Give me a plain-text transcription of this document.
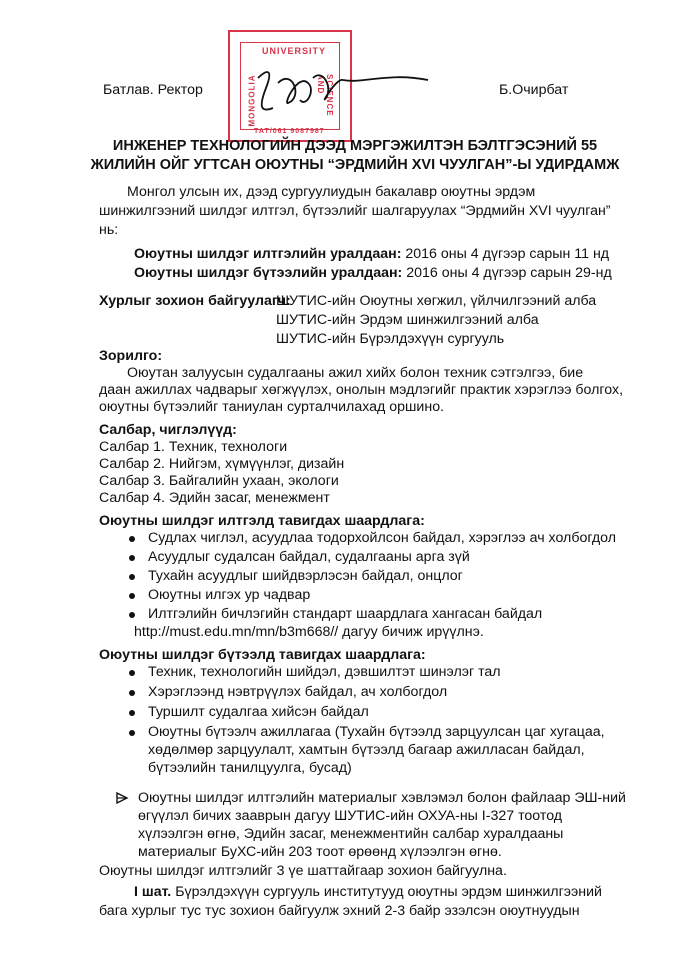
UNIVERSITY
MONGOLIA	SCIENCE AND
ТАТ/061 9087987
Батлав. Ректор	Б.Очирбат
ИНЖЕНЕР ТЕХНОЛОГИЙН ДЭЭД МЭРГЭЖИЛТЭН БЭЛТГЭСЭНИЙ 55
ЖИЛИЙН ОЙГ УГТСАН ОЮУТНЫ “ЭРДМИЙН XVI ЧУУЛГАН”-Ы УДИРДАМЖ
Монгол улсын их, дээд сургуулиудын бакалавр оюутны эрдэм
шинжилгээний шилдэг илтгэл, бүтээлийг шалгаруулах “Эрдмийн XVI чуулган”
нь:
Оюутны шилдэг илтгэлийн уралдаан: 2016 оны 4 дүгээр сарын 11 нд
Оюутны шилдэг бүтээлийн уралдаан: 2016 оны 4 дүгээр сарын 29-нд
Хурлыг зохион байгуулагч:
ШУТИС-ийн Оюутны хөгжил, үйлчилгээний алба
ШУТИС-ийн Эрдэм шинжилгээний алба
ШУТИС-ийн Бүрэлдэхүүн сургууль
Зорилго:
Оюутан залуусын судалгааны ажил хийх болон техник сэтгэлгээ, бие
даан ажиллах чадварыг хөгжүүлэх, онолын мэдлэгийг практик хэрэглээ болгох,
оюутны бүтээлийг таниулан сурталчилахад оршино.
Салбар, чиглэлүүд:
Салбар 1. Техник, технологи
Салбар 2. Нийгэм, хүмүүнлэг, дизайн
Салбар 3. Байгалийн ухаан, экологи
Салбар 4. Эдийн засаг, менежмент
Оюутны шилдэг илтгэлд тавигдах шаардлага:
Судлах чиглэл, асуудлаа тодорхойлсон байдал, хэрэглээ ач холбогдол
Асуудлыг судалсан байдал, судалгааны арга зүй
Тухайн асуудлыг шийдвэрлэсэн байдал, онцлог
Оюутны илгэх ур чадвар
Илтгэлийн бичлэгийн стандарт шаардлага хангасан байдал
http://must.edu.mn/mn/b3m668// дагуу бичиж ирүүлнэ.
Оюутны шилдэг бүтээлд тавигдах шаардлага:
Техник, технологийн шийдэл, дэвшилтэт шинэлэг тал
Хэрэглээнд нэвтрүүлэх байдал, ач холбогдол
Туршилт судалгаа хийсэн байдал
Оюутны бүтээлч ажиллагаа (Тухайн бүтээлд зарцуулсан цаг хугацаа,
хөдөлмөр зарцуулалт, хамтын бүтээлд багаар ажилласан байдал,
бүтээлийн танилцуулга, бусад)
Оюутны шилдэг илтгэлийн материалыг хэвлэмэл болон файлаар ЭШ-ний
өгүүлэл бичих зааврын дагуу ШУТИС-ийн ОХУА-ны I-327 тоотод
хүлээлгэн өгнө, Эдийн засаг, менежментийн салбар хуралдааны
материалыг БуХС-ийн 203 тоот өрөөнд хүлээлгэн өгнө.
Оюутны шилдэг илтгэлийг 3 үе шаттайгаар зохион байгуулна.
I шат. Бүрэлдэхүүн сургууль институтууд оюутны эрдэм шинжилгээний
бага хурлыг тус тус зохион байгуулж эхний 2-3 байр эзэлсэн оюутнуудын
